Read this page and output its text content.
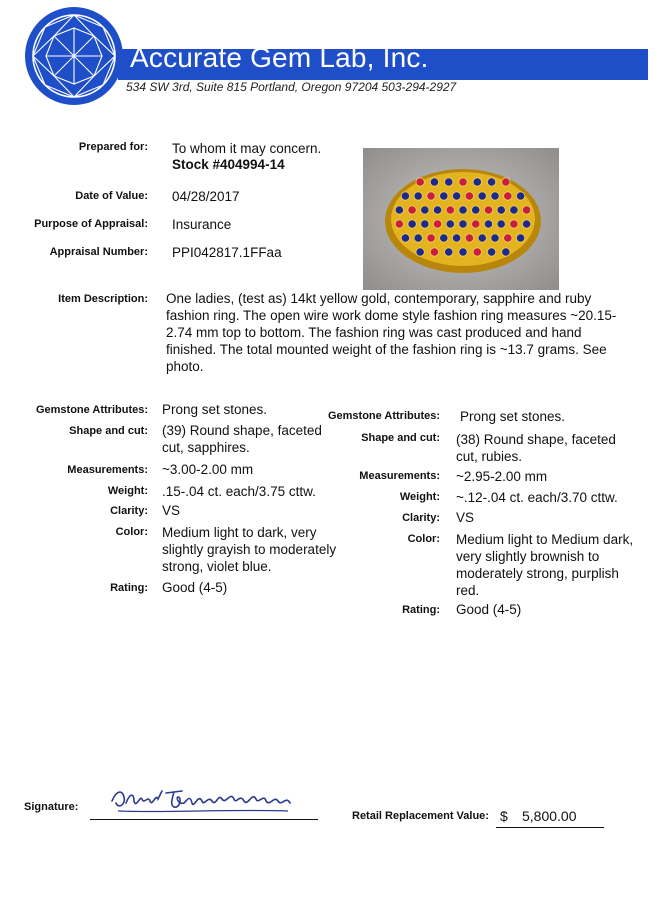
Accurate Gem Lab, Inc.
534 SW 3rd, Suite 815 Portland, Oregon 97204 503-294-2927
Prepared for: To whom it may concern.
Stock #404994-14
Date of Value: 04/28/2017
Purpose of Appraisal: Insurance
Appraisal Number: PPI042817.1FFaa
Item Description: One ladies, (test as) 14kt yellow gold, contemporary, sapphire and ruby fashion ring. The open wire work dome style fashion ring measures ~20.15-2.74 mm top to bottom. The fashion ring was cast produced and hand finished. The total mounted weight of the fashion ring is ~13.7 grams. See photo.
Gemstone Attributes: Prong set stones.
Shape and cut: (39) Round shape, faceted cut, sapphires.
Measurements: ~3.00-2.00 mm
Weight: .15-.04 ct. each/3.75 cttw.
Clarity: VS
Color: Medium light to dark, very slightly grayish to moderately strong, violet blue.
Rating: Good (4-5)
Gemstone Attributes: Prong set stones.
Shape and cut: (38) Round shape, faceted cut, rubies.
Measurements: ~2.95-2.00 mm
Weight: ~.12-.04 ct. each/3.70 cttw.
Clarity: VS
Color: Medium light to Medium dark, very slightly brownish to moderately strong, purplish red.
Rating: Good (4-5)
Signature:
Retail Replacement Value: $ 5,800.00
